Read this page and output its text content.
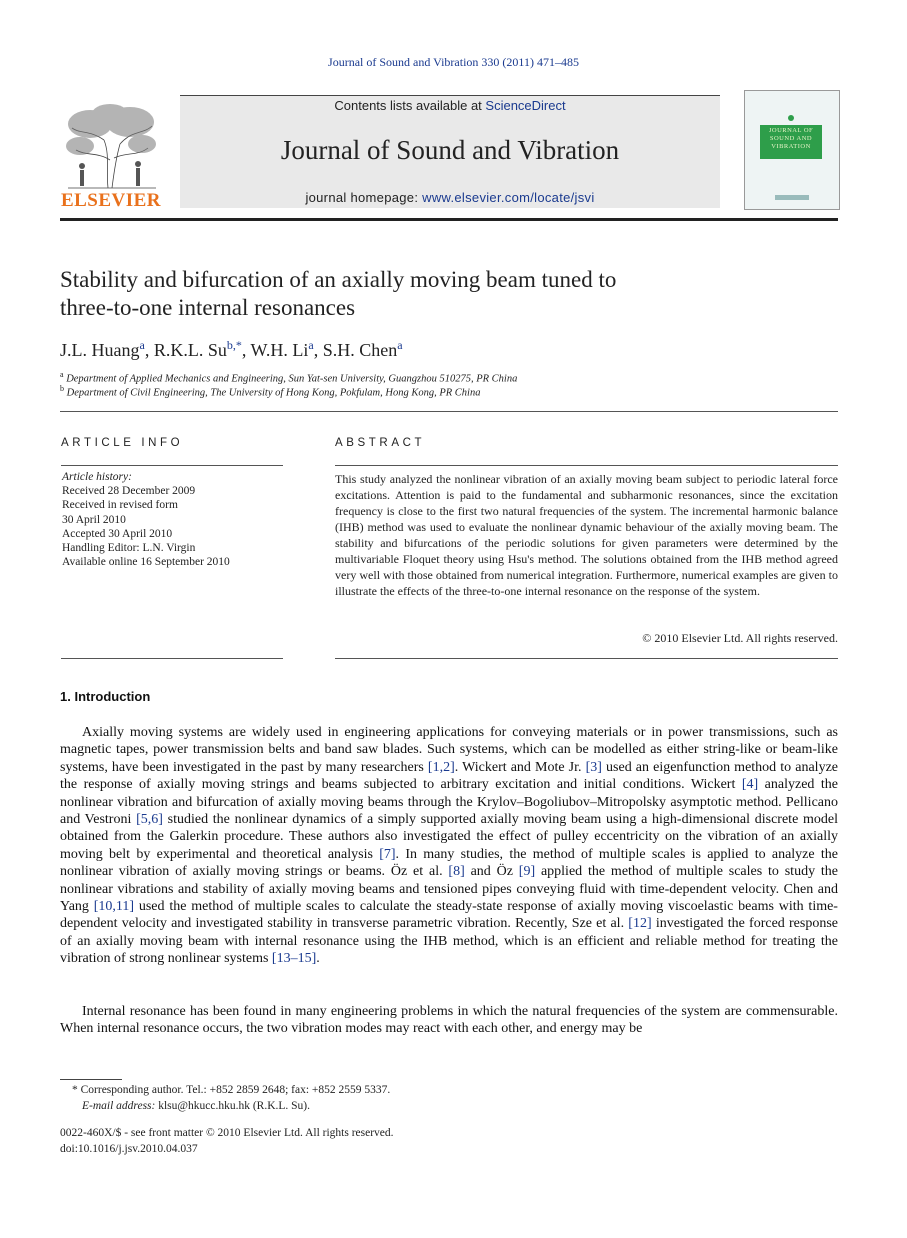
Journal of Sound and Vibration 330 (2011) 471–485
ELSEVIER
Contents lists available at ScienceDirect
Journal of Sound and Vibration
journal homepage: www.elsevier.com/locate/jsvi
JOURNAL OF SOUND AND VIBRATION
Stability and bifurcation of an axially moving beam tuned to
three-to-one internal resonances
J.L. Huang$^a$, R.K.L. $Su^{b,*}$, W.H. Li$^a$, S.H. Chen$^a$
$^a$ Department of Applied Mechanics and Engineering, Sun Yat-sen University, Guangzhou 510275, PR China
$^b$ Department of Civil Engineering, The University of Hong Kong, Pokfulam, Hong Kong, PR China
ARTICLE INFO
Article history:
Received 28 December 2009
Received in revised form
30 April 2010
Accepted 30 April 2010
Handling Editor: L.N. Virgin
Available online 16 September 2010
ABSTRACT
This study analyzed the nonlinear vibration of an axially moving beam subject to periodic lateral force excitations. Attention is paid to the fundamental and subharmonic resonances, since the excitation frequency is close to the first two natural frequencies of the system. The incremental harmonic balance (IHB) method was used to evaluate the nonlinear dynamic behaviour of the axially moving beam. The stability and bifurcations of the periodic solutions for given parameters were determined by the multivariable Floquet theory using Hsu's method. The solutions obtained from the IHB method agreed very well with those obtained from numerical integration. Furthermore, numerical examples are given to illustrate the effects of the three-to-one internal resonance on the response of the system.
© 2010 Elsevier Ltd. All rights reserved.
1. Introduction
Axially moving systems are widely used in engineering applications for conveying materials or in power transmissions, such as magnetic tapes, power transmission belts and band saw blades. Such systems, which can be modelled as either string-like or beam-like systems, have been investigated in the past by many researchers [1,2]. Wickert and Mote Jr. [3] used an eigenfunction method to analyze the response of axially moving strings and beams subjected to arbitrary excitation and initial conditions. Wickert [4] analyzed the nonlinear vibration and bifurcation of axially moving beams through the Krylov–Bogoliubov–Mitropolsky asymptotic method. Pellicano and Vestroni [5,6] studied the nonlinear dynamics of a simply supported axially moving beam using a high-dimensional discrete model obtained from the Galerkin procedure. These authors also investigated the effect of pulley eccentricity on the vibration of an axially moving belt by experimental and theoretical analysis [7]. In many studies, the method of multiple scales is applied to analyze the nonlinear vibration of axially moving strings or beams. Öz et al. [8] and Öz [9] applied the method of multiple scales to study the nonlinear vibrations and stability of axially moving beams and tensioned pipes conveying fluid with time-dependent velocity. Chen and Yang [10,11] used the method of multiple scales to calculate the steady-state response of axially moving viscoelastic beams with time-dependent velocity and investigated stability in transverse parametric vibration. Recently, Sze et al. [12] investigated the forced response of an axially moving beam with internal resonance using the IHB method, which is an efficient and reliable method for treating the vibration of strong nonlinear systems [13–15].
Internal resonance has been found in many engineering problems in which the natural frequencies of the system are commensurable. When internal resonance occurs, the two vibration modes may react with each other, and energy may be
* Corresponding author. Tel.: +852 2859 2648; fax: +852 2559 5337.
E-mail address: klsu@hkucc.hku.hk (R.K.L. Su).
0022-460X/$ - see front matter © 2010 Elsevier Ltd. All rights reserved.
doi:10.1016/j.jsv.2010.04.037
